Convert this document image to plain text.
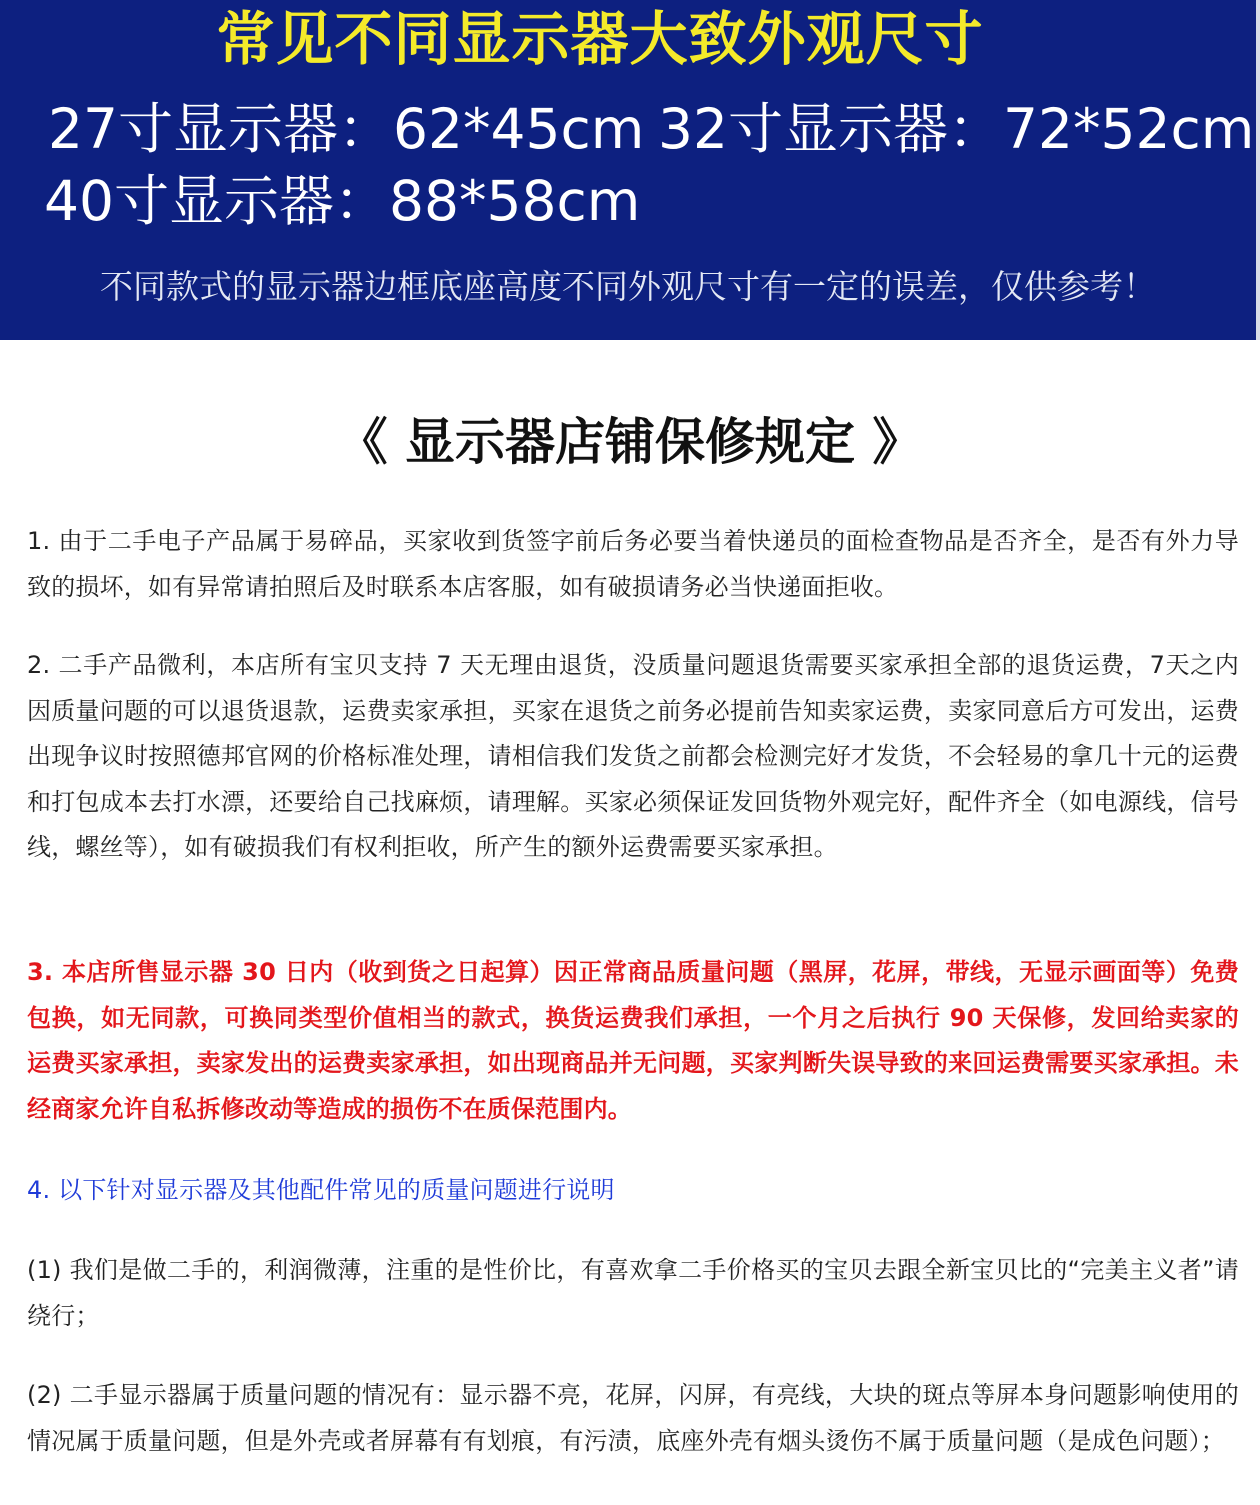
常见不同显示器大致外观尺寸
27寸显示器：62*45cm 32寸显示器：72*52cm
40寸显示器：88*58cm
不同款式的显示器边框底座高度不同外观尺寸有一定的误差，仅供参考！
《 显示器店铺保修规定 》

1. 由于二手电子产品属于易碎品，买家收到货签字前后务必要当着快递员的面检查物品是否齐全，是否有外力导致的损坏，如有异常请拍照后及时联系本店客服，如有破损请务必当快递面拒收。

2. 二手产品微利，本店所有宝贝支持 7 天无理由退货，没质量问题退货需要买家承担全部的退货运费，7天之内因质量问题的可以退货退款，运费卖家承担，买家在退货之前务必提前告知卖家运费，卖家同意后方可发出，运费出现争议时按照德邦官网的价格标准处理，请相信我们发货之前都会检测完好才发货，不会轻易的拿几十元的运费和打包成本去打水漂，还要给自己找麻烦，请理解。买家必须保证发回货物外观完好，配件齐全（如电源线，信号线，螺丝等），如有破损我们有权利拒收，所产生的额外运费需要买家承担。

3. 本店所售显示器 30 日内（收到货之日起算）因正常商品质量问题（黑屏，花屏，带线，无显示画面等）免费包换，如无同款，可换同类型价值相当的款式，换货运费我们承担，一个月之后执行 90 天保修，发回给卖家的运费买家承担，卖家发出的运费卖家承担，如出现商品并无问题，买家判断失误导致的来回运费需要买家承担。未经商家允许自私拆修改动等造成的损伤不在质保范围内。

4. 以下针对显示器及其他配件常见的质量问题进行说明

(1) 我们是做二手的，利润微薄，注重的是性价比，有喜欢拿二手价格买的宝贝去跟全新宝贝比的“完美主义者”请绕行；

(2) 二手显示器属于质量问题的情况有：显示器不亮，花屏，闪屏，有亮线，大块的斑点等屏本身问题影响使用的情况属于质量问题，但是外壳或者屏幕有有划痕，有污渍，底座外壳有烟头烫伤不属于质量问题（是成色问题）；
